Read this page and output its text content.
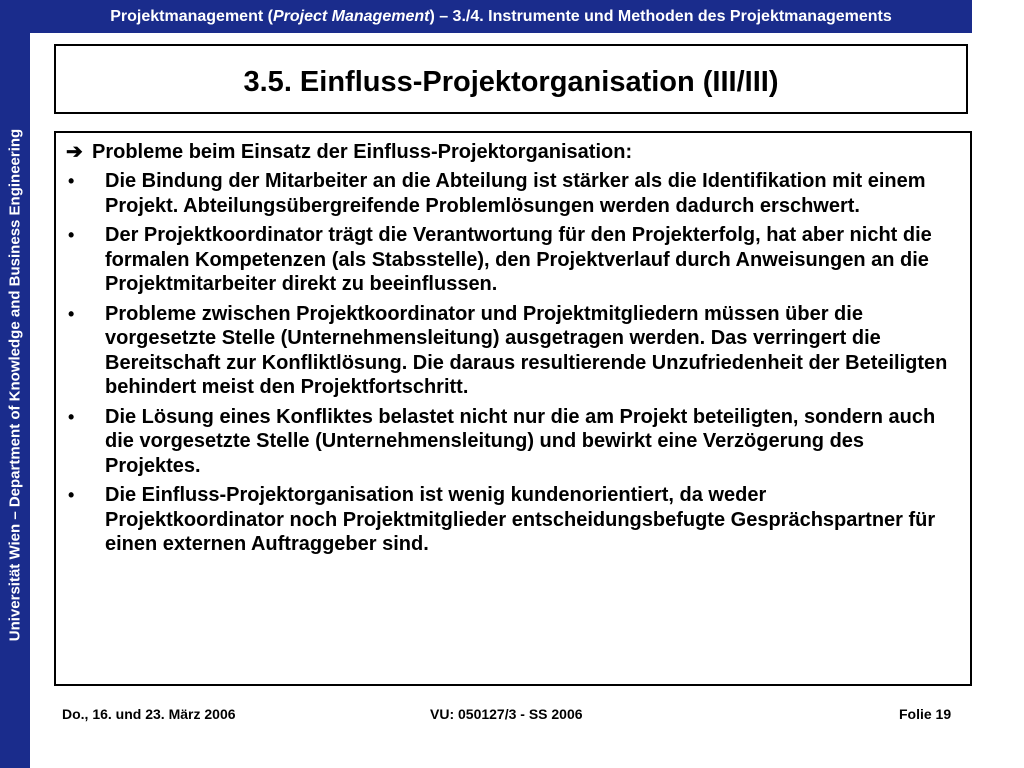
Universität Wien – Department of Knowledge and Business Engineering
Projektmanagement ( Project Management ) – 3./4. Instrumente und Methoden des Projektmanagements
3.5. Einfluss-Projektorganisation (III/III)
➔ Probleme beim Einsatz der Einfluss-Projektorganisation:
•	Die Bindung der Mitarbeiter an die Abteilung ist stärker als die Identifikation mit einem Projekt. Abteilungsübergreifende Problemlösungen werden dadurch erschwert.
•	Der Projektkoordinator trägt die Verantwortung für den Projekterfolg, hat aber nicht die formalen Kompetenzen (als Stabsstelle), den Projektverlauf durch Anweisungen an die Projektmitarbeiter direkt zu beeinflussen.
•	Probleme zwischen Projektkoordinator und Projektmitgliedern müssen über die vorgesetzte Stelle (Unternehmensleitung) ausgetragen werden. Das verringert die Bereitschaft zur Konfliktlösung. Die daraus resultierende Unzufriedenheit der Beteiligten behindert meist den Projektfortschritt.
•	Die Lösung eines Konfliktes belastet nicht nur die am Projekt beteiligten, sondern auch die vorgesetzte Stelle (Unternehmensleitung) und bewirkt eine Verzögerung des Projektes.
•	Die Einfluss-Projektorganisation ist wenig kundenorientiert, da weder Projektkoordinator noch Projektmitglieder entscheidungsbefugte Gesprächspartner für einen externen Auftraggeber sind.
Do., 16. und 23. März 2006	VU: 050127/3 - SS 2006	Folie 19
